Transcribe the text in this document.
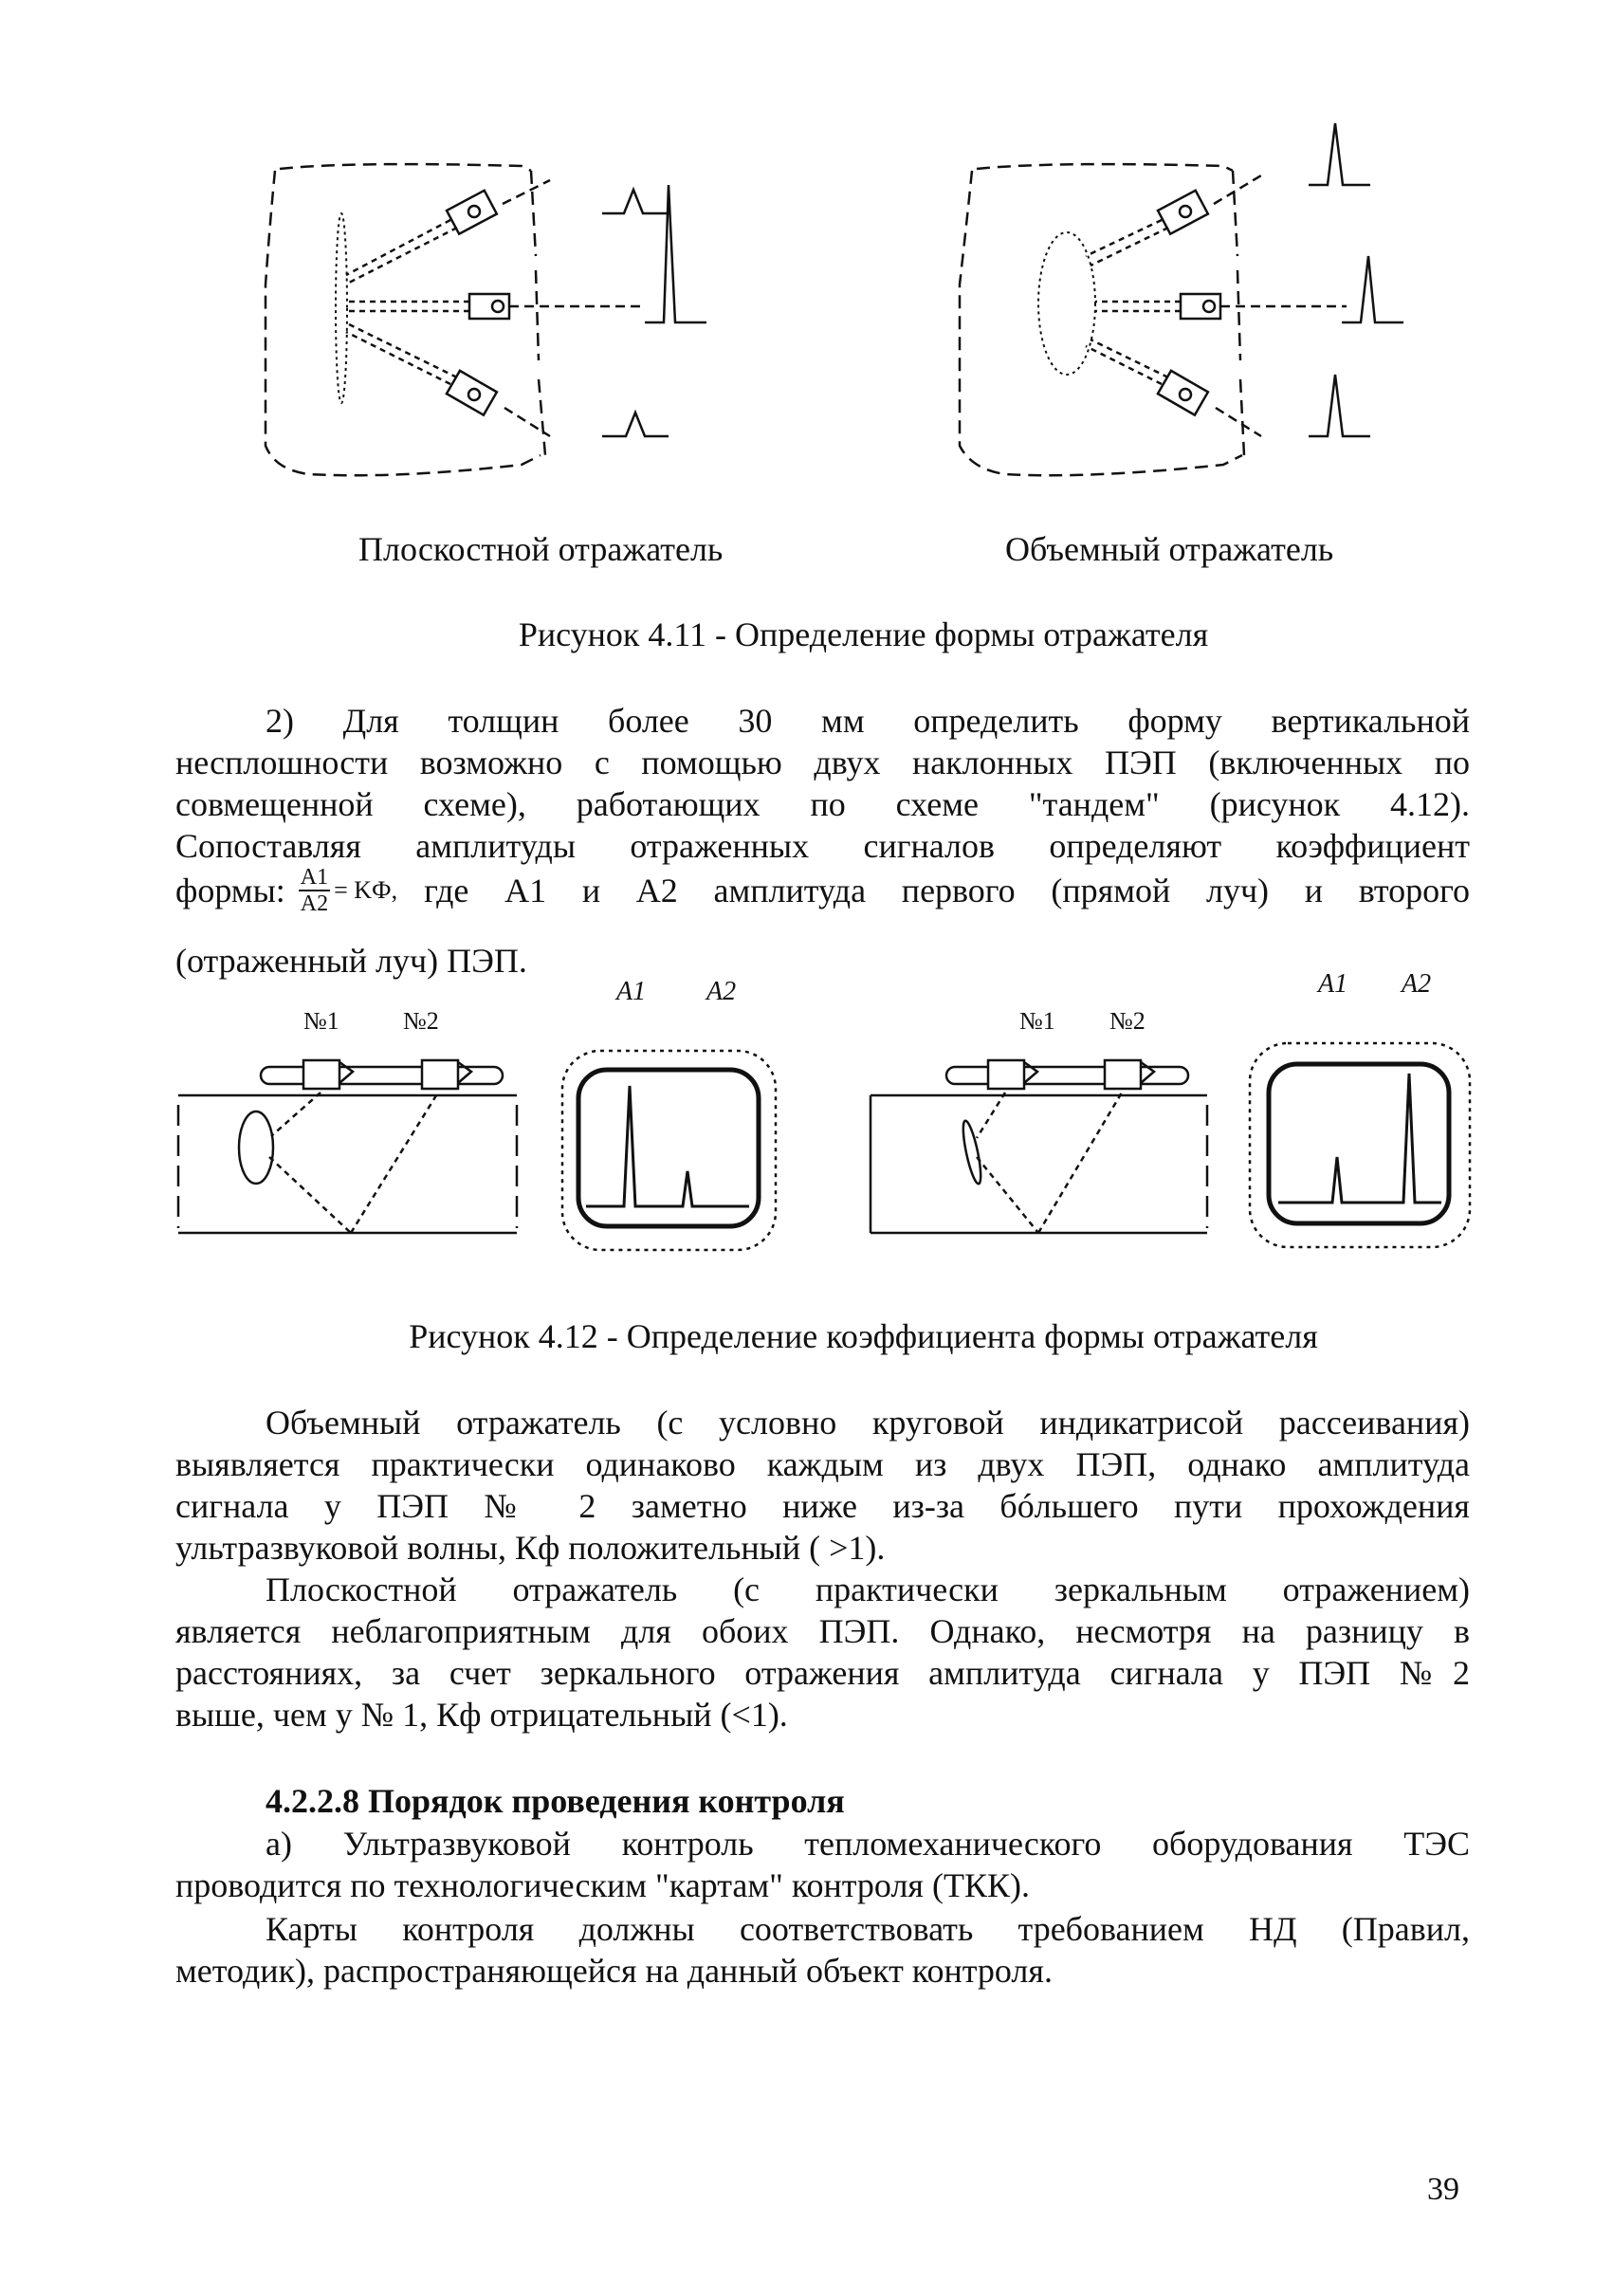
Плоскостной отражатель	Объемный отражатель
Рисунок 4.11 - Определение формы отражателя
2) Для толщин более 30 мм определить форму вертикальной
несплошности возможно с помощью двух наклонных ПЭП (включенных по
совмещенной схеме), работающих по схеме "тандем" (рисунок 4.12).
Сопоставляя амплитуды отраженных сигналов определяют коэффициент
формы: $\frac{A1}{A2}$ = KФ, где A1 и A2 амплитуда первого (прямой луч) и второго
(отраженный луч) ПЭП.
A1 A2	A1 A2
№1	№2	№1 №2
Рисунок 4.12 - Определение коэффициента формы отражателя
Объемный отражатель (с условно круговой индикатрисой рассеивания)
выявляется практически одинаково каждым из двух ПЭП, однако амплитуда
сигнала у ПЭП № 2 заметно ниже из-за бóльшего пути прохождения
ультразвуковой волны, Кф положительный ( >1).
Плоскостной отражатель (с практически зеркальным отражением)
является неблагоприятным для обоих ПЭП. Однако, несмотря на разницу в
расстояниях, за счет зеркального отражения амплитуда сигнала у ПЭП №2
выше, чем у № 1, Кф отрицательный (<1).
4.2.2.8 Порядок проведения контроля
а) Ультразвуковой контроль тепломеханического оборудования ТЭС
проводится по технологическим "картам" контроля (ТКК).
Карты контроля должны соответствовать требованием НД (Правил,
методик), распространяющейся на данный объект контроля.
39
